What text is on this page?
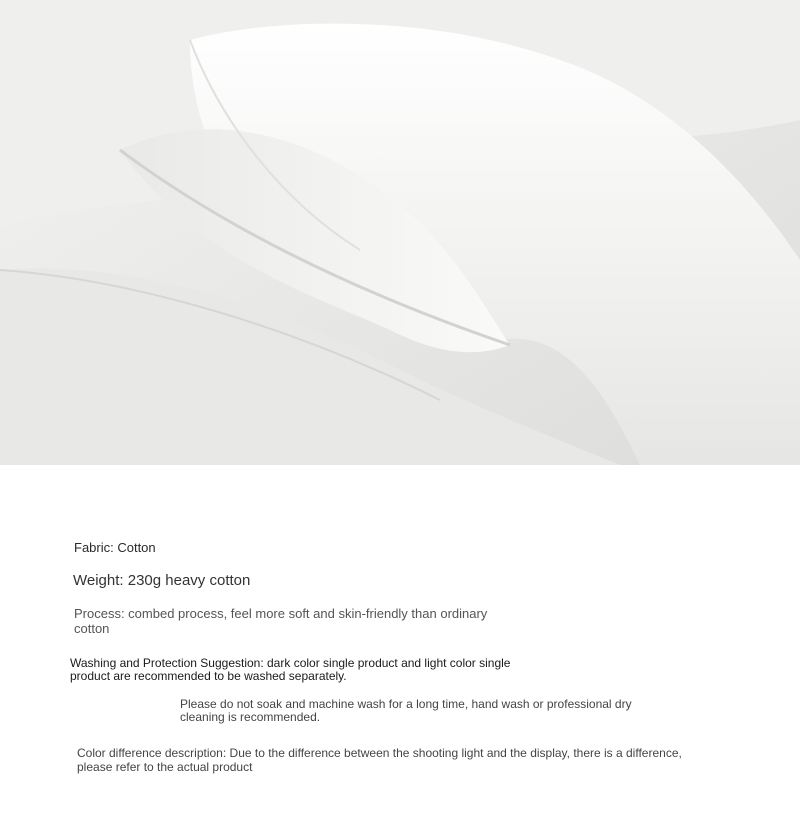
Fabric: Cotton

Weight: 230g heavy cotton

Process: combed process, feel more soft and skin-friendly than ordinary cotton

Washing and Protection Suggestion: dark color single product and light color single product are recommended to be washed separately.

Please do not soak and machine wash for a long time, hand wash or professional dry cleaning is recommended.

Color difference description: Due to the difference between the shooting light and the display, there is a difference, please refer to the actual product
